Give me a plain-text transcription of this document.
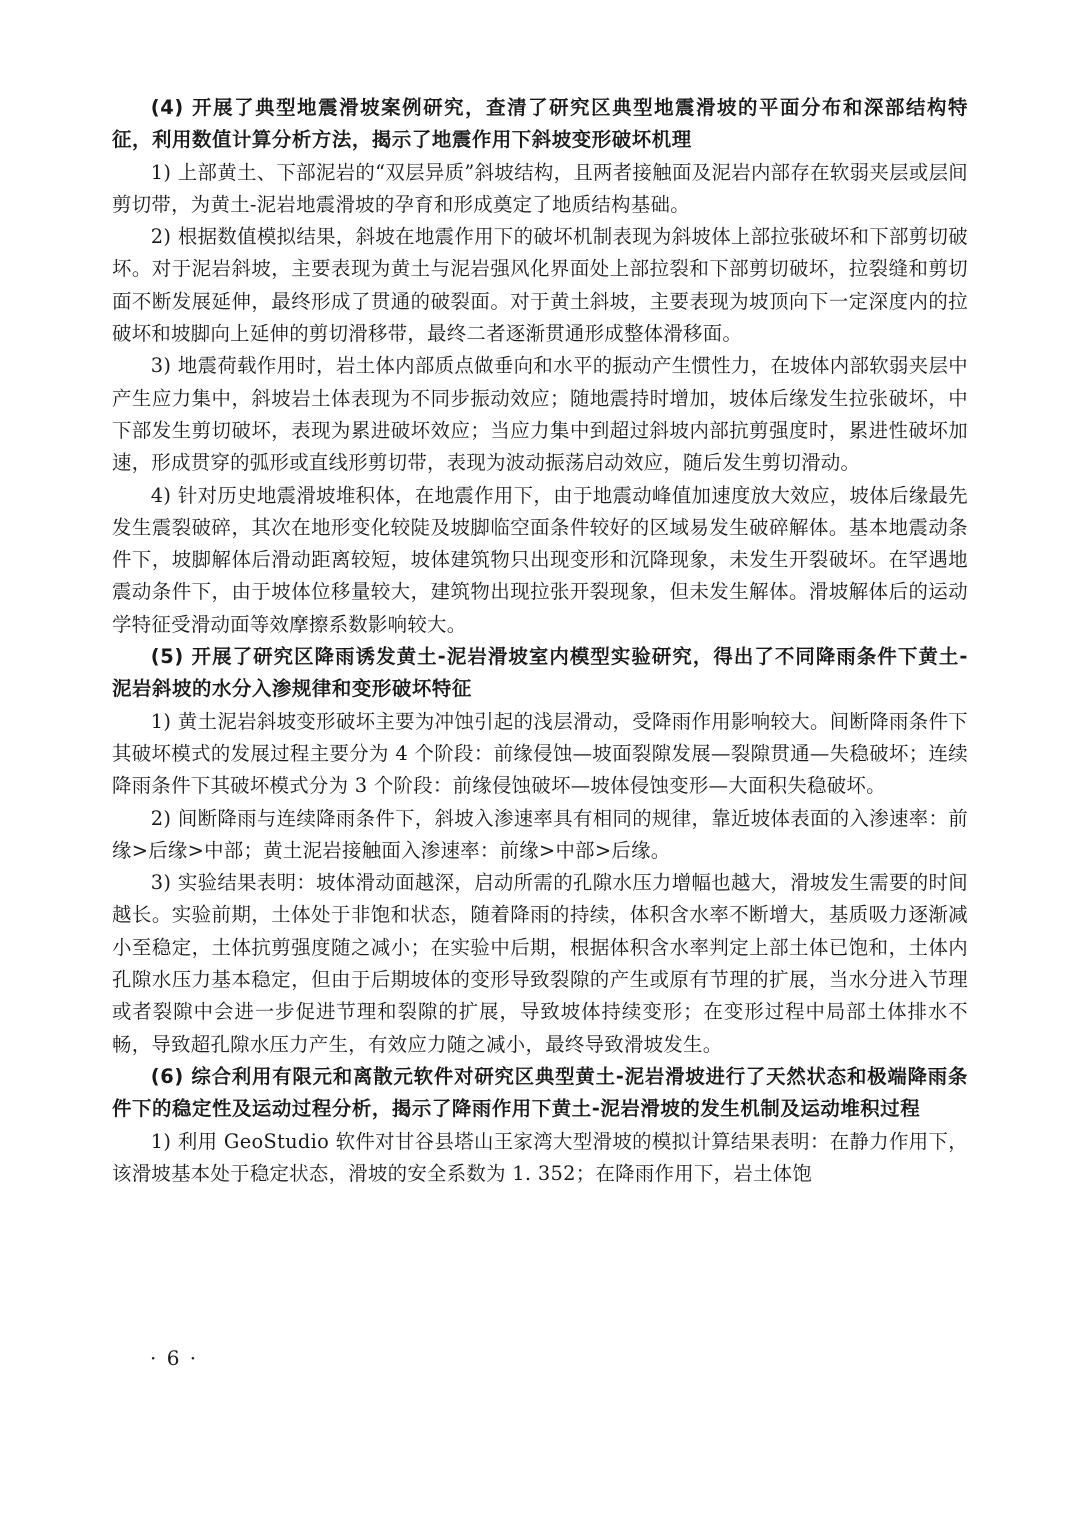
(4) 开展了典型地震滑坡案例研究，查清了研究区典型地震滑坡的平面分布和深部结构特征，利用数值计算分析方法，揭示了地震作用下斜坡变形破坏机理

1) 上部黄土、下部泥岩的“双层异质”斜坡结构，且两者接触面及泥岩内部存在软弱夹层或层间剪切带，为黄土-泥岩地震滑坡的孕育和形成奠定了地质结构基础。

2) 根据数值模拟结果，斜坡在地震作用下的破坏机制表现为斜坡体上部拉张破坏和下部剪切破坏。对于泥岩斜坡，主要表现为黄土与泥岩强风化界面处上部拉裂和下部剪切破坏，拉裂缝和剪切面不断发展延伸，最终形成了贯通的破裂面。对于黄土斜坡，主要表现为坡顶向下一定深度内的拉破坏和坡脚向上延伸的剪切滑移带，最终二者逐渐贯通形成整体滑移面。

3) 地震荷载作用时，岩土体内部质点做垂向和水平的振动产生惯性力，在坡体内部软弱夹层中产生应力集中，斜坡岩土体表现为不同步振动效应；随地震持时增加，坡体后缘发生拉张破坏，中下部发生剪切破坏，表现为累进破坏效应；当应力集中到超过斜坡内部抗剪强度时，累进性破坏加速，形成贯穿的弧形或直线形剪切带，表现为波动振荡启动效应，随后发生剪切滑动。

4) 针对历史地震滑坡堆积体，在地震作用下，由于地震动峰值加速度放大效应，坡体后缘最先发生震裂破碎，其次在地形变化较陡及坡脚临空面条件较好的区域易发生破碎解体。基本地震动条件下，坡脚解体后滑动距离较短，坡体建筑物只出现变形和沉降现象，未发生开裂破坏。在罕遇地震动条件下，由于坡体位移量较大，建筑物出现拉张开裂现象，但未发生解体。滑坡解体后的运动学特征受滑动面等效摩擦系数影响较大。

(5) 开展了研究区降雨诱发黄土-泥岩滑坡室内模型实验研究，得出了不同降雨条件下黄土-泥岩斜坡的水分入渗规律和变形破坏特征

1) 黄土泥岩斜坡变形破坏主要为冲蚀引起的浅层滑动，受降雨作用影响较大。间断降雨条件下其破坏模式的发展过程主要分为 4 个阶段：前缘侵蚀—坡面裂隙发展—裂隙贯通—失稳破坏；连续降雨条件下其破坏模式分为 3 个阶段：前缘侵蚀破坏—坡体侵蚀变形—大面积失稳破坏。

2) 间断降雨与连续降雨条件下，斜坡入渗速率具有相同的规律，靠近坡体表面的入渗速率：前缘>后缘>中部；黄土泥岩接触面入渗速率：前缘>中部>后缘。

3) 实验结果表明：坡体滑动面越深，启动所需的孔隙水压力增幅也越大，滑坡发生需要的时间越长。实验前期，土体处于非饱和状态，随着降雨的持续，体积含水率不断增大，基质吸力逐渐减小至稳定，土体抗剪强度随之减小；在实验中后期，根据体积含水率判定上部土体已饱和，土体内孔隙水压力基本稳定，但由于后期坡体的变形导致裂隙的产生或原有节理的扩展，当水分进入节理或者裂隙中会进一步促进节理和裂隙的扩展，导致坡体持续变形；在变形过程中局部土体排水不畅，导致超孔隙水压力产生，有效应力随之减小，最终导致滑坡发生。

(6) 综合利用有限元和离散元软件对研究区典型黄土-泥岩滑坡进行了天然状态和极端降雨条件下的稳定性及运动过程分析，揭示了降雨作用下黄土-泥岩滑坡的发生机制及运动堆积过程

1) 利用 GeoStudio 软件对甘谷县塔山王家湾大型滑坡的模拟计算结果表明：在静力作用下，该滑坡基本处于稳定状态，滑坡的安全系数为 1. 352；在降雨作用下，岩土体饱

· 6 ·
